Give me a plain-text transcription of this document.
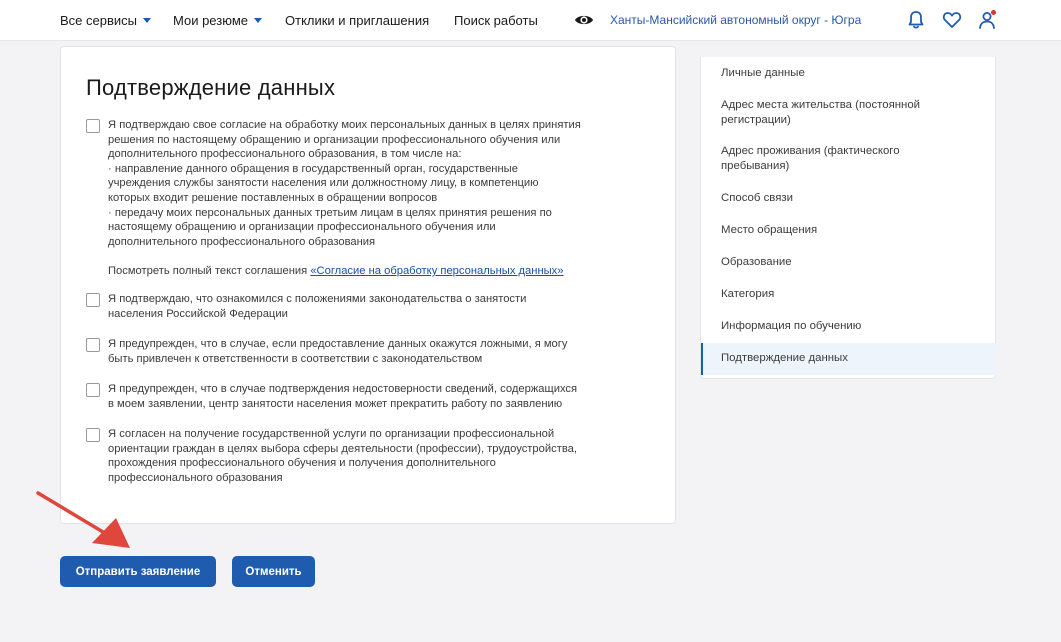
Все сервисы	Мои резюме	Отклики и приглашения Поиск работы	Ханты-Мансийский автономный округ - Югра
Подтверждение данных
Я подтверждаю свое согласие на обработку моих персональных данных в целях принятия
решения по настоящему обращению и организации профессионального обучения или
дополнительного профессионального образования, в том числе на:
· направление данного обращения в государственный орган, государственные
учреждения службы занятости населения или должностному лицу, в компетенцию
которых входит решение поставленных в обращении вопросов
· передачу моих персональных данных третьим лицам в целях принятия решения по
настоящему обращению и организации профессионального обучения или
дополнительного профессионального образования
Посмотреть полный текст соглашения «Согласие на обработку персональных данных»
Я подтверждаю, что ознакомился с положениями законодательства о занятости
населения Российской Федерации
Я предупрежден, что в случае, если предоставление данных окажутся ложными, я могу
быть привлечен к ответственности в соответствии с законодательством
Я предупрежден, что в случае подтверждения недостоверности сведений, содержащихся
в моем заявлении, центр занятости населения может прекратить работу по заявлению
Я согласен на получение государственной услуги по организации профессиональной
ориентации граждан в целях выбора сферы деятельности (профессии), трудоустройства,
прохождения профессионального обучения и получения дополнительного
профессионального образования
Личные данные
Адрес места жительства (постоянной
регистрации)
Адрес проживания (фактического
пребывания)
Способ связи
Место обращения
Образование
Категория
Информация по обучению
Подтверждение данных
Отправить заявление	Отменить
